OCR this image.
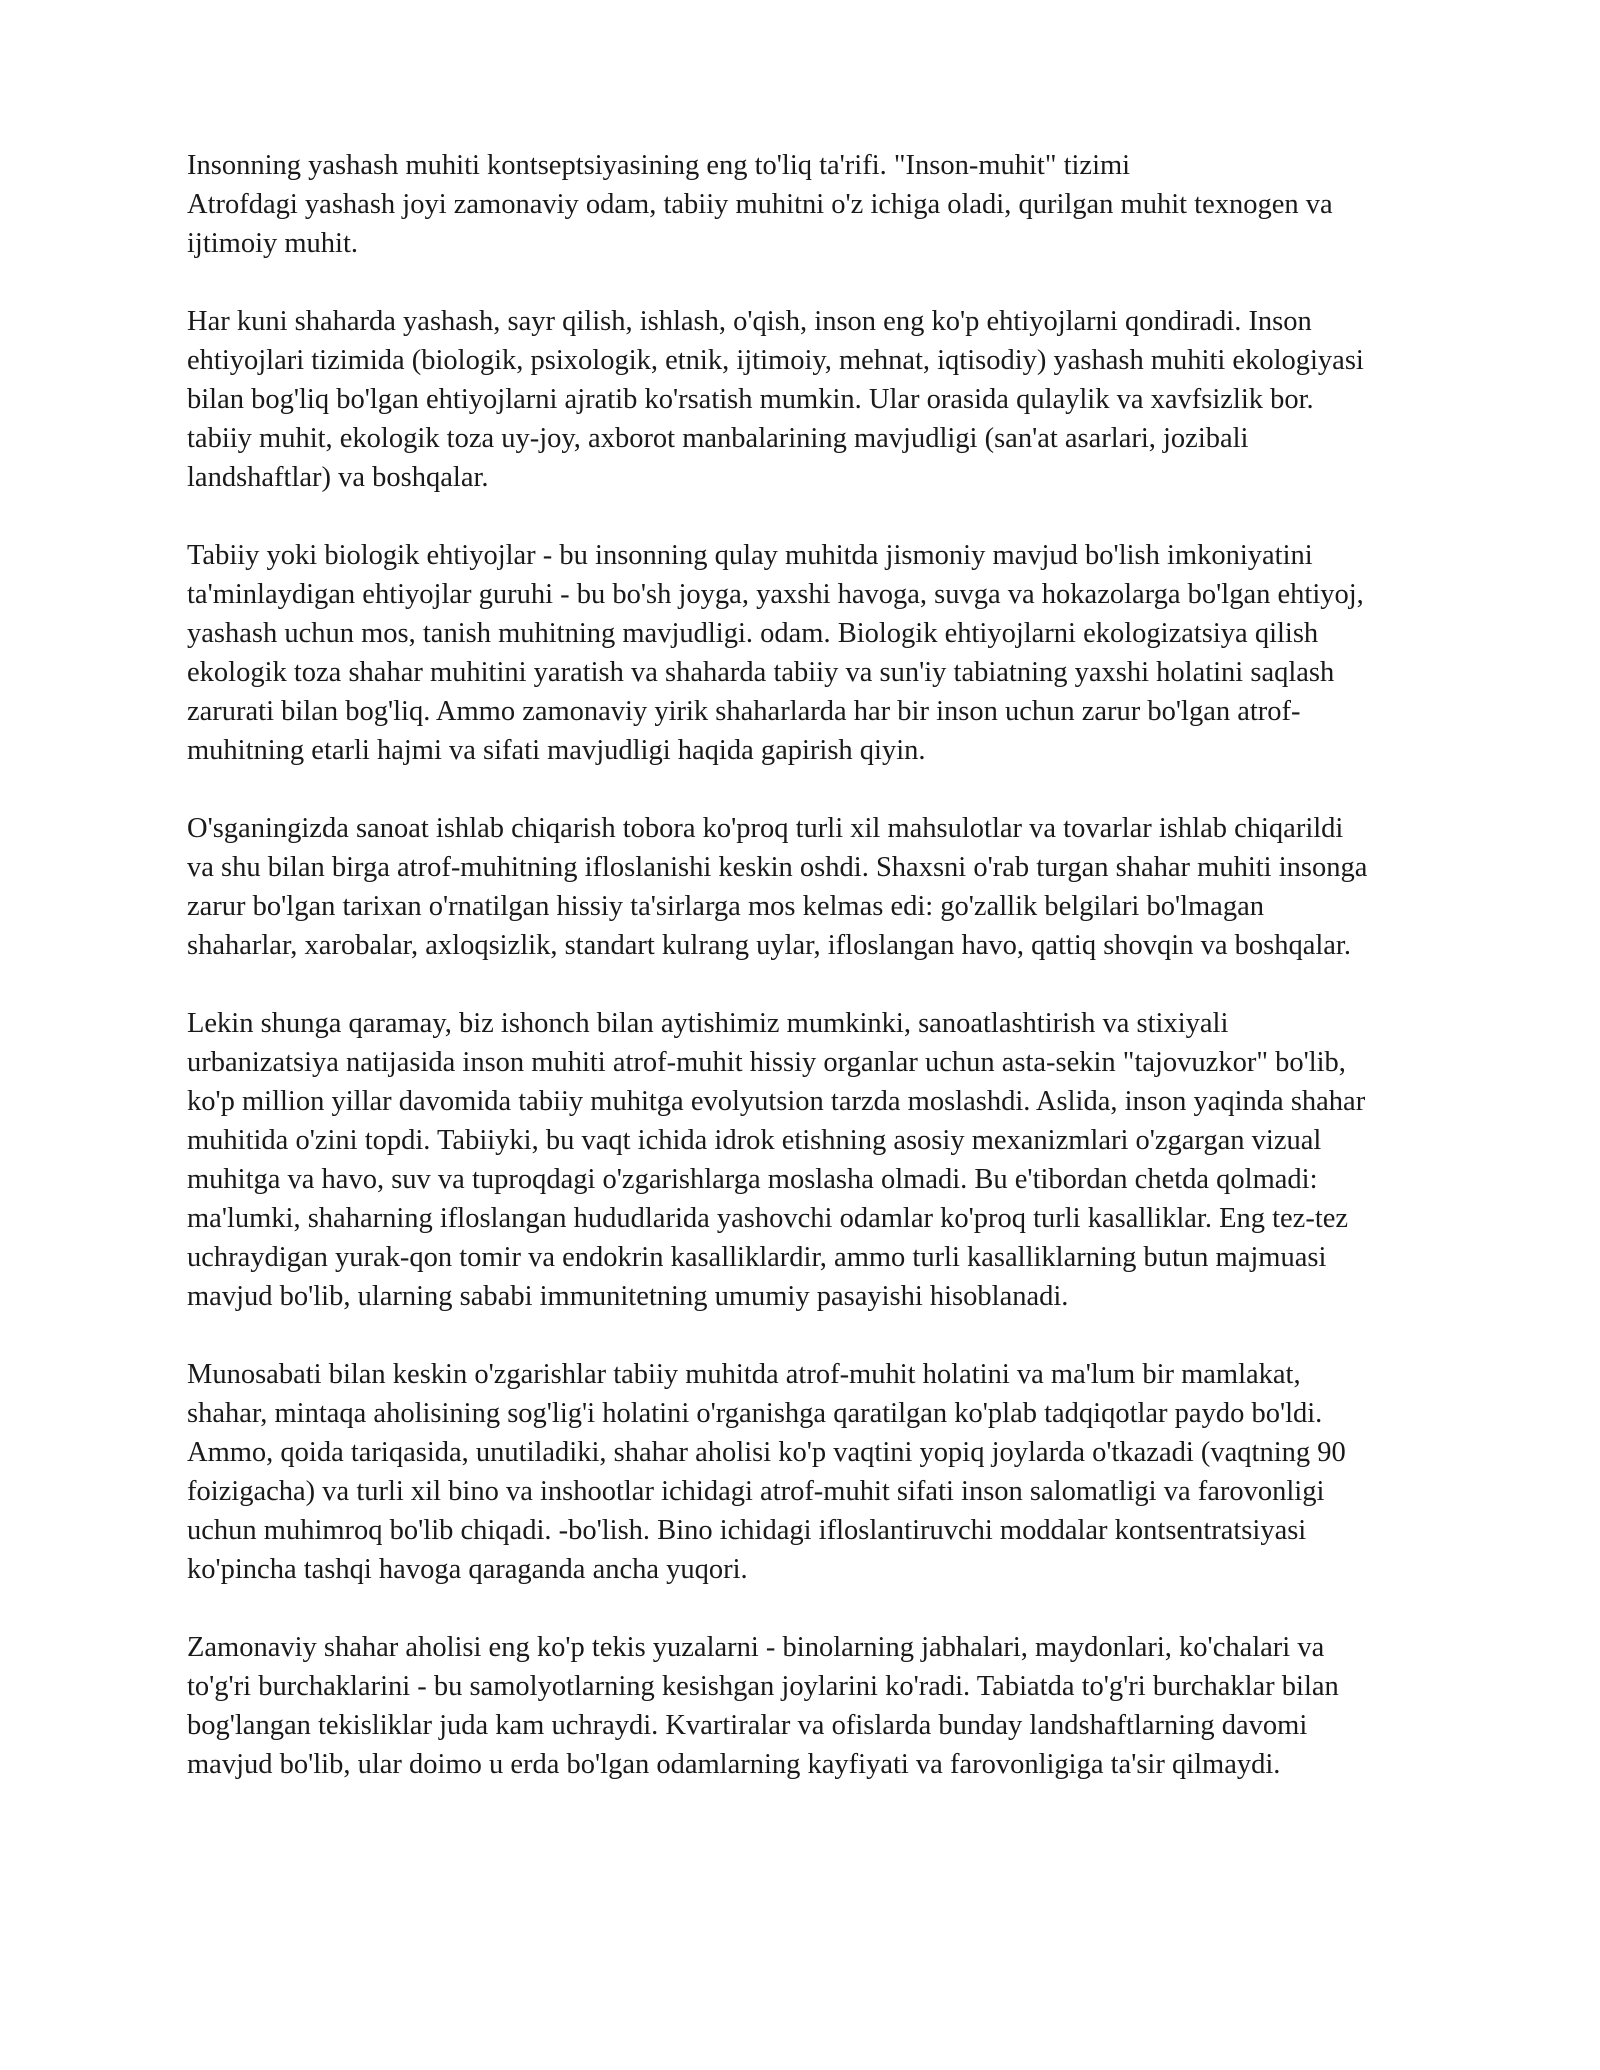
Insonning yashash muhiti kontseptsiyasining eng to'liq ta'rifi. "Inson-muhit" tizimi
Atrofdagi yashash joyi zamonaviy odam, tabiiy muhitni o'z ichiga oladi, qurilgan muhit texnogen va
ijtimoiy muhit.

Har kuni shaharda yashash, sayr qilish, ishlash, o'qish, inson eng ko'p ehtiyojlarni qondiradi. Inson
ehtiyojlari tizimida (biologik, psixologik, etnik, ijtimoiy, mehnat, iqtisodiy) yashash muhiti ekologiyasi
bilan bog'liq bo'lgan ehtiyojlarni ajratib ko'rsatish mumkin. Ular orasida qulaylik va xavfsizlik bor.
tabiiy muhit, ekologik toza uy-joy, axborot manbalarining mavjudligi (san'at asarlari, jozibali
landshaftlar) va boshqalar.

Tabiiy yoki biologik ehtiyojlar - bu insonning qulay muhitda jismoniy mavjud bo'lish imkoniyatini
ta'minlaydigan ehtiyojlar guruhi - bu bo'sh joyga, yaxshi havoga, suvga va hokazolarga bo'lgan ehtiyoj,
yashash uchun mos, tanish muhitning mavjudligi. odam. Biologik ehtiyojlarni ekologizatsiya qilish
ekologik toza shahar muhitini yaratish va shaharda tabiiy va sun'iy tabiatning yaxshi holatini saqlash
zarurati bilan bog'liq. Ammo zamonaviy yirik shaharlarda har bir inson uchun zarur bo'lgan atrof-
muhitning etarli hajmi va sifati mavjudligi haqida gapirish qiyin.

O'sganingizda sanoat ishlab chiqarish tobora ko'proq turli xil mahsulotlar va tovarlar ishlab chiqarildi
va shu bilan birga atrof-muhitning ifloslanishi keskin oshdi. Shaxsni o'rab turgan shahar muhiti insonga
zarur bo'lgan tarixan o'rnatilgan hissiy ta'sirlarga mos kelmas edi: go'zallik belgilari bo'lmagan
shaharlar, xarobalar, axloqsizlik, standart kulrang uylar, ifloslangan havo, qattiq shovqin va boshqalar.

Lekin shunga qaramay, biz ishonch bilan aytishimiz mumkinki, sanoatlashtirish va stixiyali
urbanizatsiya natijasida inson muhiti atrof-muhit hissiy organlar uchun asta-sekin "tajovuzkor" bo'lib,
ko'p million yillar davomida tabiiy muhitga evolyutsion tarzda moslashdi. Aslida, inson yaqinda shahar
muhitida o'zini topdi. Tabiiyki, bu vaqt ichida idrok etishning asosiy mexanizmlari o'zgargan vizual
muhitga va havo, suv va tuproqdagi o'zgarishlarga moslasha olmadi. Bu e'tibordan chetda qolmadi:
ma'lumki, shaharning ifloslangan hududlarida yashovchi odamlar ko'proq turli kasalliklar. Eng tez-tez
uchraydigan yurak-qon tomir va endokrin kasalliklardir, ammo turli kasalliklarning butun majmuasi
mavjud bo'lib, ularning sababi immunitetning umumiy pasayishi hisoblanadi.

Munosabati bilan keskin o'zgarishlar tabiiy muhitda atrof-muhit holatini va ma'lum bir mamlakat,
shahar, mintaqa aholisining sog'lig'i holatini o'rganishga qaratilgan ko'plab tadqiqotlar paydo bo'ldi.
Ammo, qoida tariqasida, unutiladiki, shahar aholisi ko'p vaqtini yopiq joylarda o'tkazadi (vaqtning 90
foizigacha) va turli xil bino va inshootlar ichidagi atrof-muhit sifati inson salomatligi va farovonligi
uchun muhimroq bo'lib chiqadi. -bo'lish. Bino ichidagi ifloslantiruvchi moddalar kontsentratsiyasi
ko'pincha tashqi havoga qaraganda ancha yuqori.

Zamonaviy shahar aholisi eng ko'p tekis yuzalarni - binolarning jabhalari, maydonlari, ko'chalari va
to'g'ri burchaklarini - bu samolyotlarning kesishgan joylarini ko'radi. Tabiatda to'g'ri burchaklar bilan
bog'langan tekisliklar juda kam uchraydi. Kvartiralar va ofislarda bunday landshaftlarning davomi
mavjud bo'lib, ular doimo u erda bo'lgan odamlarning kayfiyati va farovonligiga ta'sir qilmaydi.
